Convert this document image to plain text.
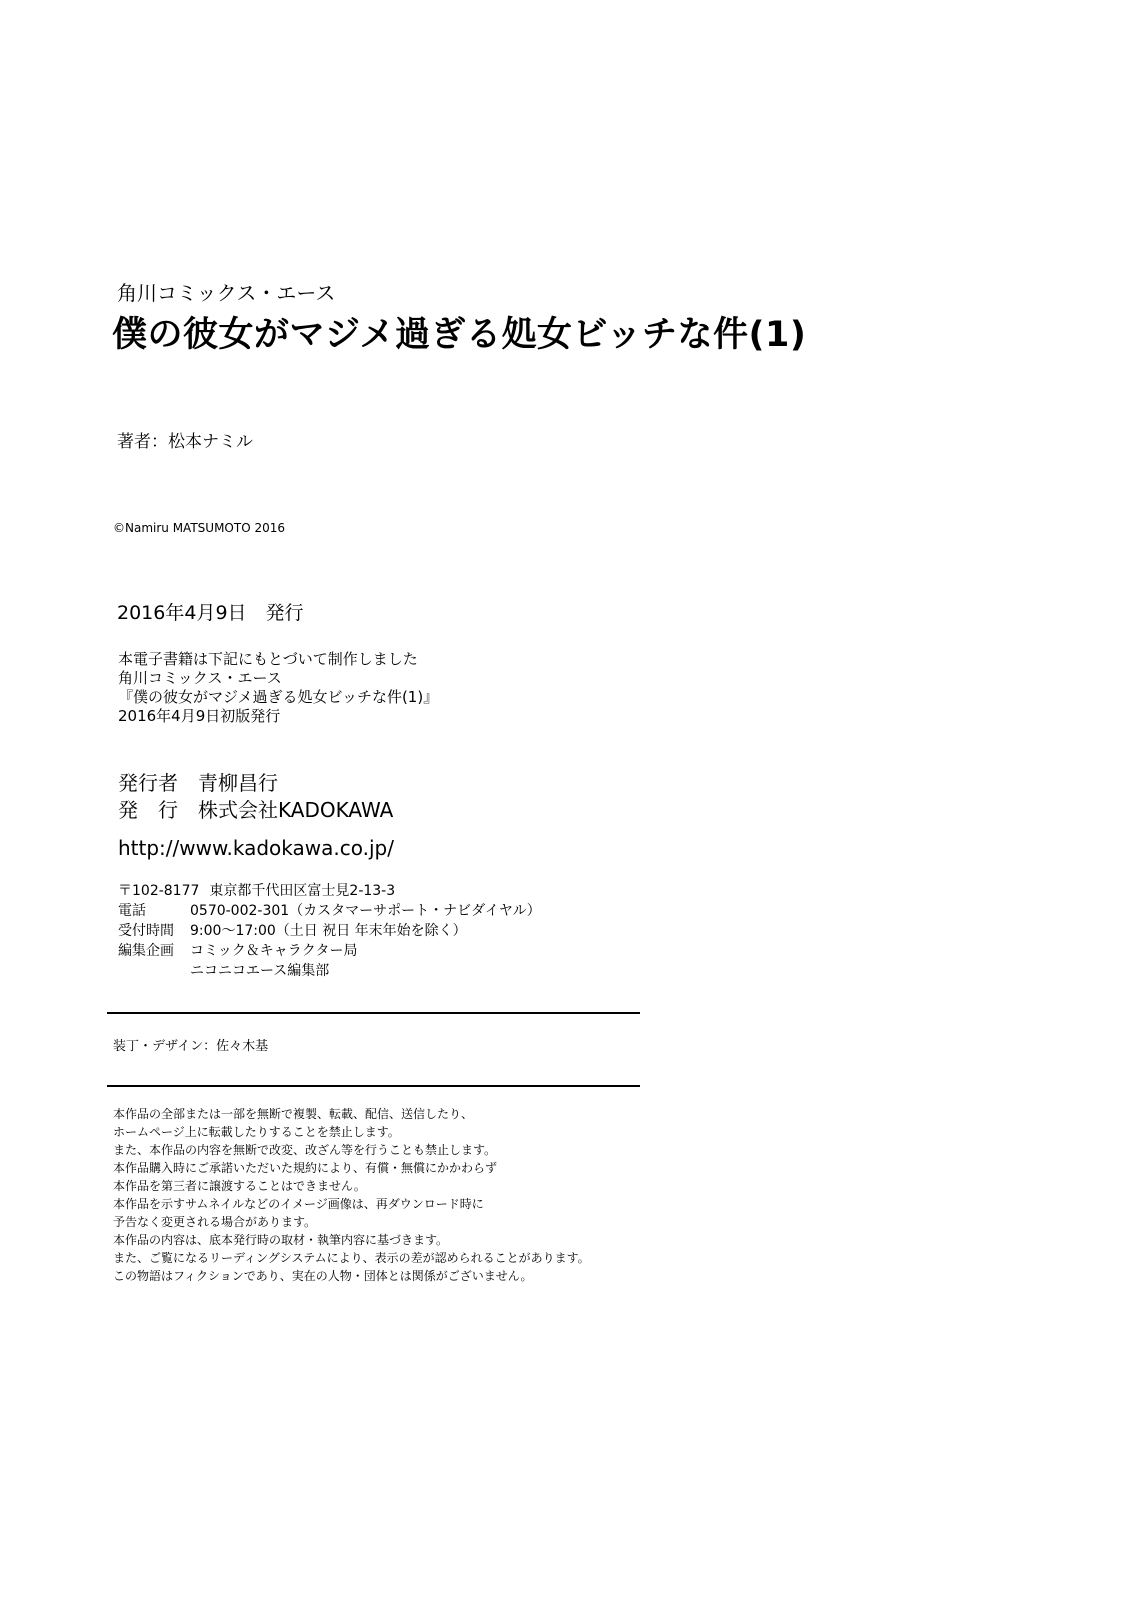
角川コミックス・エース
僕の彼女がマジメ過ぎる処女ビッチな件(1)
著者：松本ナミル
©Namiru MATSUMOTO 2016
2016年4月9日　発行
本電子書籍は下記にもとづいて制作しました
角川コミックス・エース
『僕の彼女がマジメ過ぎる処女ビッチな件(1)』
2016年4月9日初版発行
発行者　青柳昌行
発　行　株式会社KADOKAWA
http://www.kadokawa.co.jp/
〒102-8177 東京都千代田区富士見2-13-3
電話	0570-002-301（カスタマーサポート・ナビダイヤル）
受付時間	9:00〜17:00（土日 祝日 年末年始を除く）
編集企画	コミック＆キャラクター局
ニコニコエース編集部
装丁・デザイン：佐々木基
本作品の全部または一部を無断で複製、転載、配信、送信したり、
ホームページ上に転載したりすることを禁止します。
また、本作品の内容を無断で改変、改ざん等を行うことも禁止します。
本作品購入時にご承諾いただいた規約により、有償・無償にかかわらず
本作品を第三者に譲渡することはできません。
本作品を示すサムネイルなどのイメージ画像は、再ダウンロード時に
予告なく変更される場合があります。
本作品の内容は、底本発行時の取材・執筆内容に基づきます。
また、ご覧になるリーディングシステムにより、表示の差が認められることがあります。
この物語はフィクションであり、実在の人物・団体とは関係がございません。
